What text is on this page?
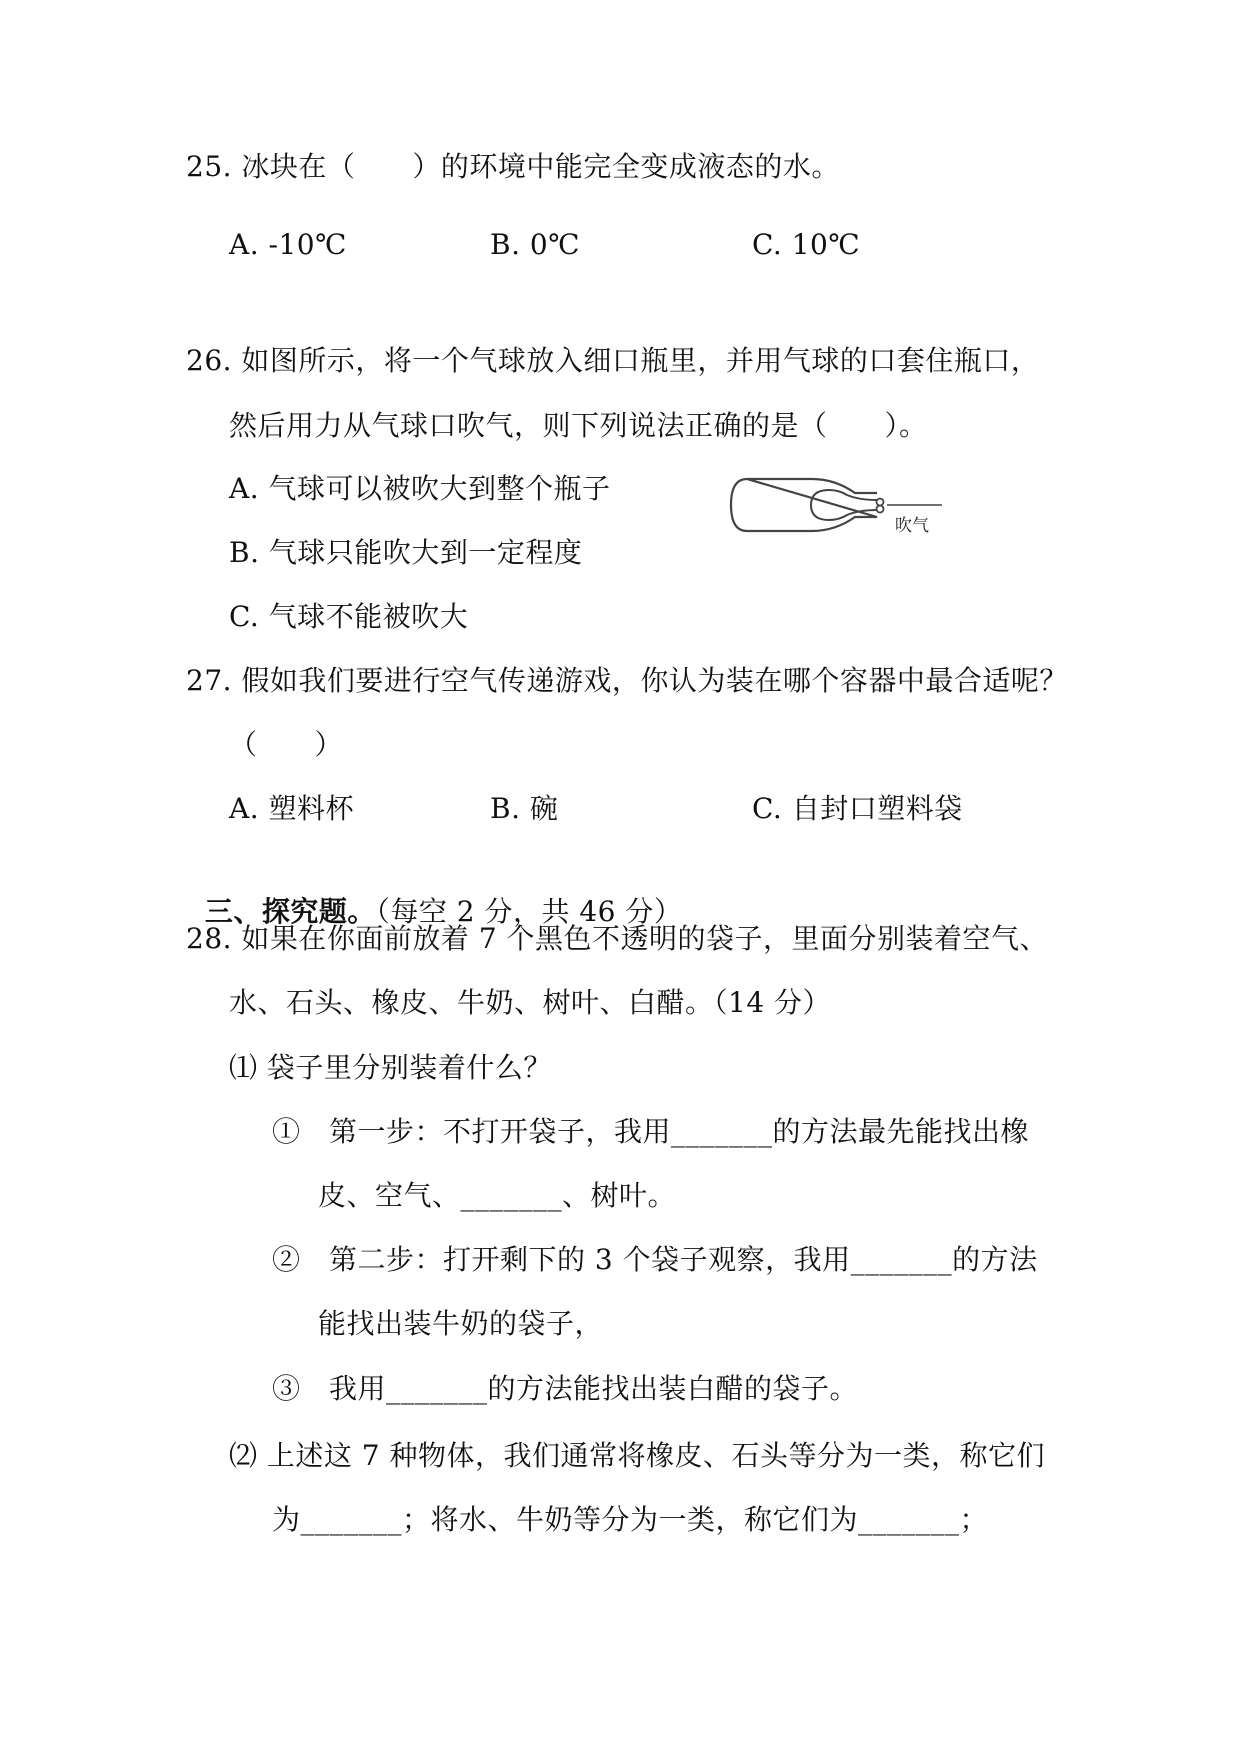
25. 冰块在（　　）的环境中能完全变成液态的水。
A. -10℃	B. 0℃	C. 10℃
26. 如图所示，将一个气球放入细口瓶里，并用气球的口套住瓶口，
然后用力从气球口吹气，则下列说法正确的是（　　）。
A. 气球可以被吹大到整个瓶子
B. 气球只能吹大到一定程度
C. 气球不能被吹大
吹气
27. 假如我们要进行空气传递游戏，你认为装在哪个容器中最合适呢？
（　　）
A. 塑料杯	B. 碗	C. 自封口塑料袋

三、探究题。（每空 2 分，共 46 分）

28. 如果在你面前放着 7 个黑色不透明的袋子，里面分别装着空气、
水、石头、橡皮、牛奶、树叶、白醋。（14 分）
⑴ 袋子里分别装着什么？
①　第一步：不打开袋子，我用_______的方法最先能找出橡
皮、空气、_______、树叶。
②　第二步：打开剩下的 3 个袋子观察，我用_______的方法
能找出装牛奶的袋子，
③　我用_______的方法能找出装白醋的袋子。
⑵ 上述这 7 种物体，我们通常将橡皮、石头等分为一类，称它们
为_______；将水、牛奶等分为一类，称它们为_______；
